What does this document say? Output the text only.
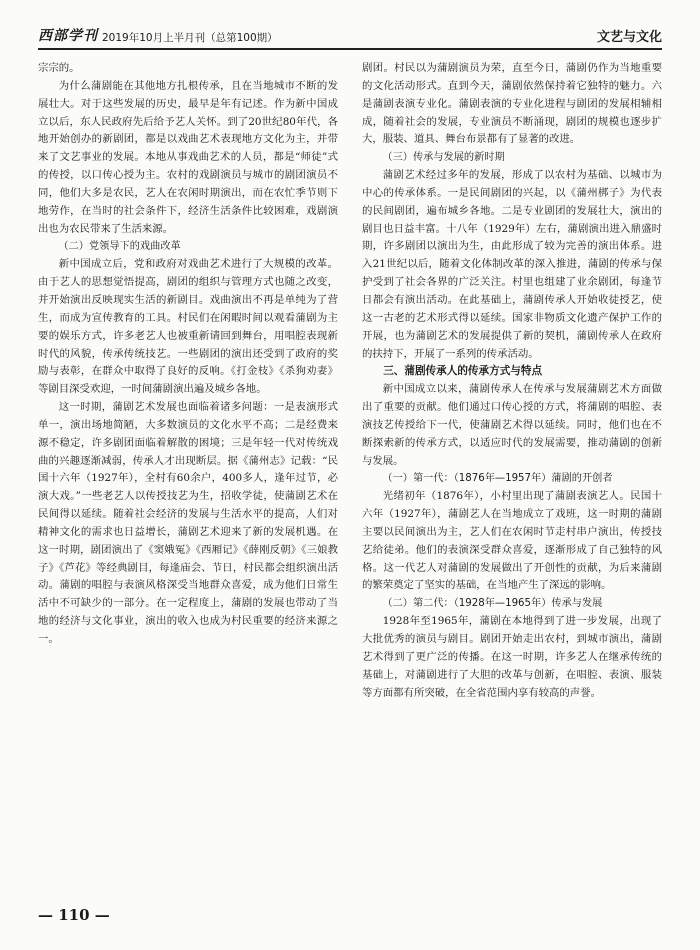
西部学刊 2019年10月上半月刊（总第100期）	文艺与文化

宗宗的。

为什么蒲剧能在其他地方扎根传承，且在当地城市不断的发展壮大。对于这些发展的历史，最早是年有记述。作为新中国成立以后，东人民政府先后给予艺人关怀。到了20世纪80年代，各地开始创办的新剧团，都是以戏曲艺术表现地方文化为主，并带来了文艺事业的发展。本地从事戏曲艺术的人员，都是“师徒”式的传授，以口传心授为主。农村的戏剧演员与城市的剧团演员不同，他们大多是农民，艺人在农闲时期演出，而在农忙季节则下地劳作，在当时的社会条件下，经济生活条件比较困难，戏剧演出也为农民带来了生活来源。

（二）党领导下的戏曲改革

新中国成立后，党和政府对戏曲艺术进行了大规模的改革。由于艺人的思想觉悟提高，剧团的组织与管理方式也随之改变，并开始演出反映现实生活的新剧目。戏曲演出不再是单纯为了营生，而成为宣传教育的工具。村民们在闲暇时间以观看蒲剧为主要的娱乐方式，许多老艺人也被重新请回到舞台，用唱腔表现新时代的风貌，传承传统技艺。一些剧团的演出还受到了政府的奖励与表彰，在群众中取得了良好的反响。《打金枝》《杀狗劝妻》等剧目深受欢迎，一时间蒲剧演出遍及城乡各地。

这一时期，蒲剧艺术发展也面临着诸多问题：一是表演形式单一，演出场地简陋，大多数演员的文化水平不高；二是经费来源不稳定，许多剧团面临着解散的困境；三是年轻一代对传统戏曲的兴趣逐渐减弱，传承人才出现断层。据《蒲州志》记载：“民国十六年（1927年），全村有60余户，400多人，逢年过节，必演大戏。”一些老艺人以传授技艺为生，招收学徒，使蒲剧艺术在民间得以延续。随着社会经济的发展与生活水平的提高，人们对精神文化的需求也日益增长，蒲剧艺术迎来了新的发展机遇。在这一时期，剧团演出了《窦娥冤》《西厢记》《薛刚反朝》《三娘教子》《芦花》等经典剧目，每逢庙会、节日，村民都会组织演出活动。蒲剧的唱腔与表演风格深受当地群众喜爱，成为他们日常生活中不可缺少的一部分。在一定程度上，蒲剧的发展也带动了当地的经济与文化事业，演出的收入也成为村民重要的经济来源之一。

剧团。村民以为蒲剧演员为荣，直至今日，蒲剧仍作为当地重要的文化活动形式。直到今天，蒲剧依然保持着它独特的魅力。六是蒲剧表演专业化。蒲剧表演的专业化进程与剧团的发展相辅相成，随着社会的发展，专业演员不断涌现，剧团的规模也逐步扩大，服装、道具、舞台布景都有了显著的改进。

（三）传承与发展的新时期

蒲剧艺术经过多年的发展，形成了以农村为基础、以城市为中心的传承体系。一是民间剧团的兴起，以《蒲州梆子》为代表的民间剧团，遍布城乡各地。二是专业剧团的发展壮大，演出的剧目也日益丰富。十八年（1929年）左右，蒲剧演出进入鼎盛时期，许多剧团以演出为生，由此形成了较为完善的演出体系。进入21世纪以后，随着文化体制改革的深入推进，蒲剧的传承与保护受到了社会各界的广泛关注。村里也组建了业余剧团，每逢节日都会有演出活动。在此基础上，蒲剧传承人开始收徒授艺，使这一古老的艺术形式得以延续。国家非物质文化遗产保护工作的开展，也为蒲剧艺术的发展提供了新的契机，蒲剧传承人在政府的扶持下，开展了一系列的传承活动。

三、蒲剧传承人的传承方式与特点

新中国成立以来，蒲剧传承人在传承与发展蒲剧艺术方面做出了重要的贡献。他们通过口传心授的方式，将蒲剧的唱腔、表演技艺传授给下一代，使蒲剧艺术得以延续。同时，他们也在不断探索新的传承方式，以适应时代的发展需要，推动蒲剧的创新与发展。

（一）第一代：（1876年—1957年）蒲剧的开创者

光绪初年（1876年），小村里出现了蒲剧表演艺人。民国十六年（1927年），蒲剧艺人在当地成立了戏班，这一时期的蒲剧主要以民间演出为主，艺人们在农闲时节走村串户演出，传授技艺给徒弟。他们的表演深受群众喜爱，逐渐形成了自己独特的风格。这一代艺人对蒲剧的发展做出了开创性的贡献，为后来蒲剧的繁荣奠定了坚实的基础，在当地产生了深远的影响。

（二）第二代：（1928年—1965年）传承与发展

1928年至1965年，蒲剧在本地得到了进一步发展，出现了大批优秀的演员与剧目。剧团开始走出农村，到城市演出，蒲剧艺术得到了更广泛的传播。在这一时期，许多艺人在继承传统的基础上，对蒲剧进行了大胆的改革与创新，在唱腔、表演、服装等方面都有所突破，在全省范围内享有较高的声誉。

— 110 —
